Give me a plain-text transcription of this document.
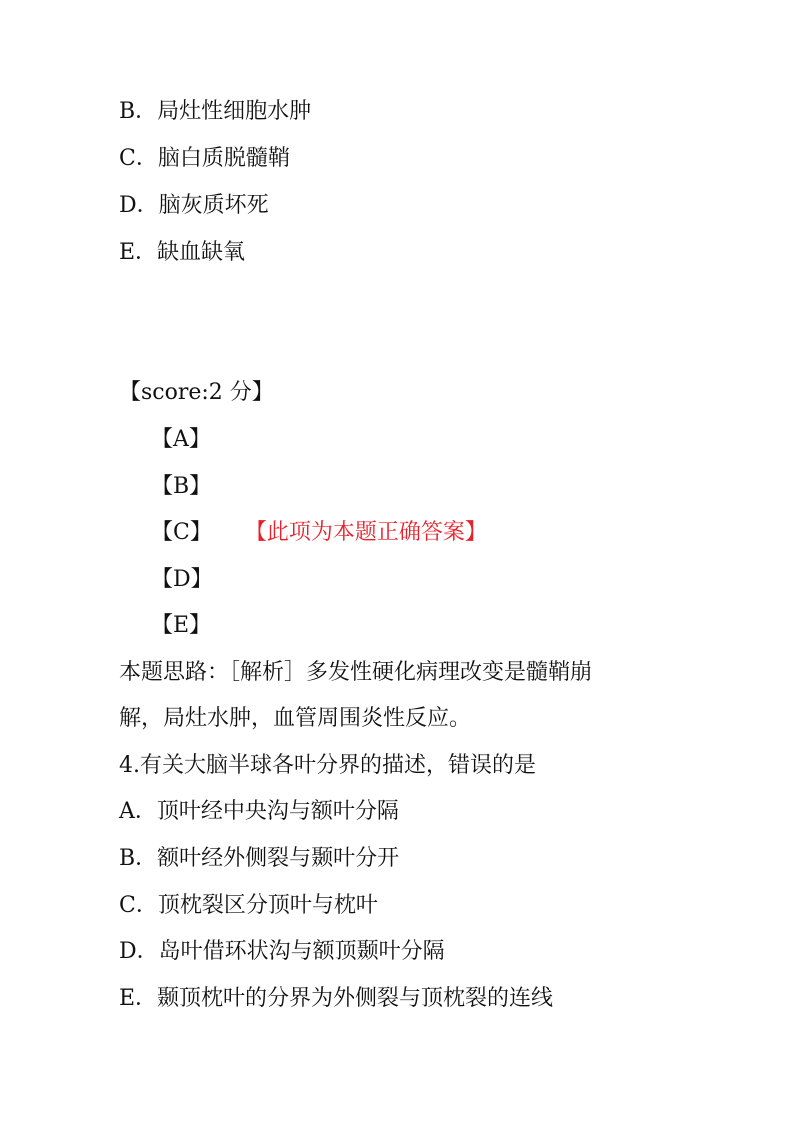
B．局灶性细胞水肿
C．脑白质脱髓鞘
D．脑灰质坏死
E．缺血缺氧
【score:2 分】
【A】
【B】
【C】 【此项为本题正确答案】
【D】
【E】
本题思路：［解析］多发性硬化病理改变是髓鞘崩
解，局灶水肿，血管周围炎性反应。
4.有关大脑半球各叶分界的描述，错误的是
A．顶叶经中央沟与额叶分隔
B．额叶经外侧裂与颞叶分开
C．顶枕裂区分顶叶与枕叶
D．岛叶借环状沟与额顶颞叶分隔
E．颞顶枕叶的分界为外侧裂与顶枕裂的连线
